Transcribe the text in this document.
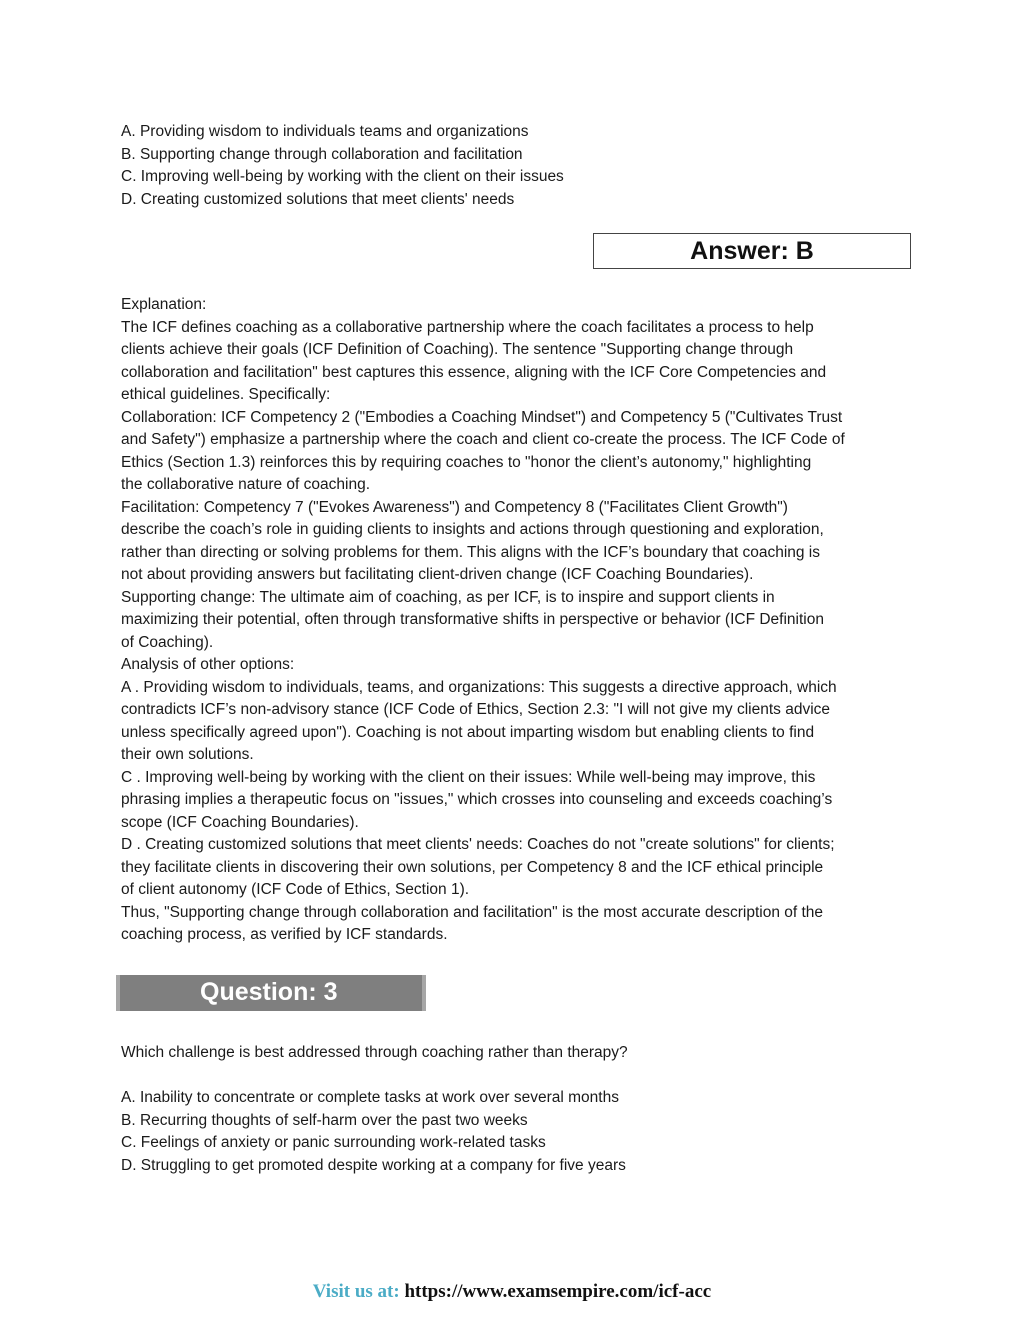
A. Providing wisdom to individuals teams and organizations
B. Supporting change through collaboration and facilitation
C. Improving well-being by working with the client on their issues
D. Creating customized solutions that meet clients' needs
Answer: B
Explanation:
The ICF defines coaching as a collaborative partnership where the coach facilitates a process to help
clients achieve their goals (ICF Definition of Coaching). The sentence "Supporting change through
collaboration and facilitation" best captures this essence, aligning with the ICF Core Competencies and
ethical guidelines. Specifically:
Collaboration: ICF Competency 2 ("Embodies a Coaching Mindset") and Competency 5 ("Cultivates Trust
and Safety") emphasize a partnership where the coach and client co-create the process. The ICF Code of
Ethics (Section 1.3) reinforces this by requiring coaches to "honor the client’s autonomy," highlighting
the collaborative nature of coaching.
Facilitation: Competency 7 ("Evokes Awareness") and Competency 8 ("Facilitates Client Growth")
describe the coach’s role in guiding clients to insights and actions through questioning and exploration,
rather than directing or solving problems for them. This aligns with the ICF’s boundary that coaching is
not about providing answers but facilitating client-driven change (ICF Coaching Boundaries).
Supporting change: The ultimate aim of coaching, as per ICF, is to inspire and support clients in
maximizing their potential, often through transformative shifts in perspective or behavior (ICF Definition
of Coaching).
Analysis of other options:
A . Providing wisdom to individuals, teams, and organizations: This suggests a directive approach, which
contradicts ICF’s non-advisory stance (ICF Code of Ethics, Section 2.3: "I will not give my clients advice
unless specifically agreed upon"). Coaching is not about imparting wisdom but enabling clients to find
their own solutions.
C . Improving well-being by working with the client on their issues: While well-being may improve, this
phrasing implies a therapeutic focus on "issues," which crosses into counseling and exceeds coaching’s
scope (ICF Coaching Boundaries).
D . Creating customized solutions that meet clients' needs: Coaches do not "create solutions" for clients;
they facilitate clients in discovering their own solutions, per Competency 8 and the ICF ethical principle
of client autonomy (ICF Code of Ethics, Section 1).
Thus, "Supporting change through collaboration and facilitation" is the most accurate description of the
coaching process, as verified by ICF standards.
Question: 3
Which challenge is best addressed through coaching rather than therapy?
A. Inability to concentrate or complete tasks at work over several months
B. Recurring thoughts of self-harm over the past two weeks
C. Feelings of anxiety or panic surrounding work-related tasks
D. Struggling to get promoted despite working at a company for five years
Visit us at: https://www.examsempire.com/icf-acc
